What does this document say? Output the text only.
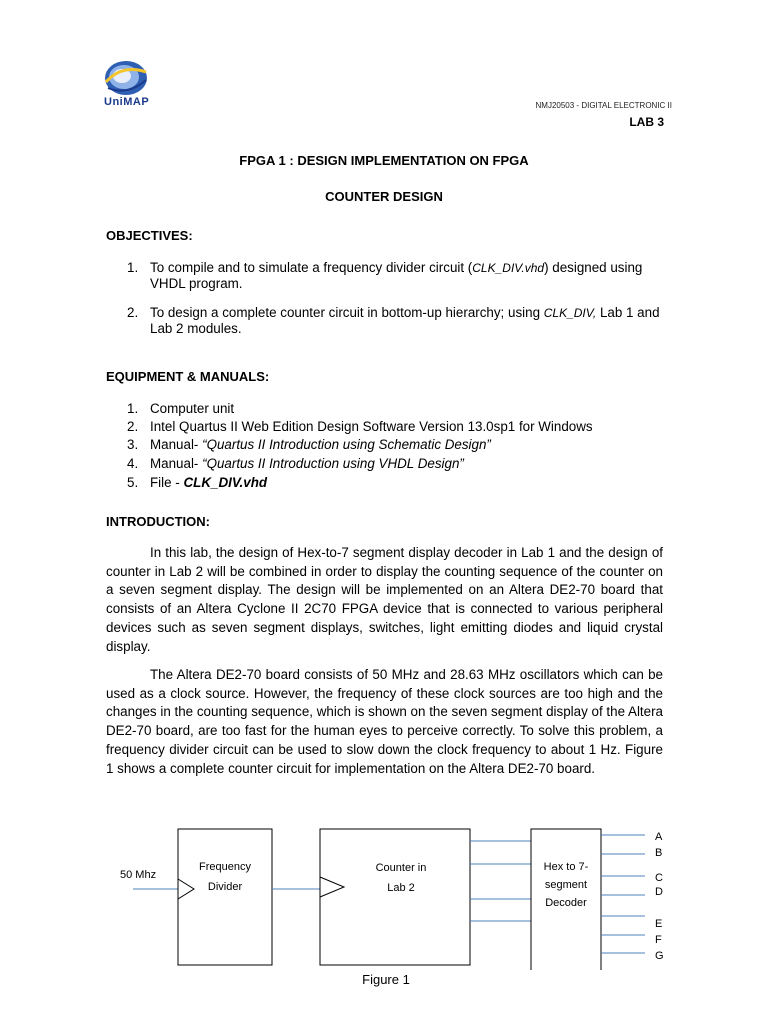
UniMAP	NMJ20503 - DIGITAL ELECTRONIC II
LAB 3
FPGA 1 : DESIGN IMPLEMENTATION ON FPGA
COUNTER DESIGN
OBJECTIVES:
1. To compile and to simulate a frequency divider circuit (CLK_DIV.vhd) designed using VHDL program.
2. To design a complete counter circuit in bottom-up hierarchy; using CLK_DIV, Lab 1 and Lab 2 modules.
EQUIPMENT & MANUALS:
1. Computer unit
2. Intel Quartus II Web Edition Design Software Version 13.0sp1 for Windows
3. Manual- “Quartus II Introduction using Schematic Design”
4. Manual- “Quartus II Introduction using VHDL Design”
5. File - CLK_DIV.vhd
INTRODUCTION:
In this lab, the design of Hex-to-7 segment display decoder in Lab 1 and the design of counter in Lab 2 will be combined in order to display the counting sequence of the counter on a seven segment display. The design will be implemented on an Altera DE2-70 board that consists of an Altera Cyclone II 2C70 FPGA device that is connected to various peripheral devices such as seven segment displays, switches, light emitting diodes and liquid crystal display.
The Altera DE2-70 board consists of 50 MHz and 28.63 MHz oscillators which can be used as a clock source. However, the frequency of these clock sources are too high and the changes in the counting sequence, which is shown on the seven segment display of the Altera DE2-70 board, are too fast for the human eyes to perceive correctly. To solve this problem, a frequency divider circuit can be used to slow down the clock frequency to about 1 Hz. Figure 1 shows a complete counter circuit for implementation on the Altera DE2-70 board.
50 Mhz
Frequency
Divider
Counter in
Lab 2
Hex to 7-
segment
Decoder
A
B
C
D
E
F
G
Figure 1
